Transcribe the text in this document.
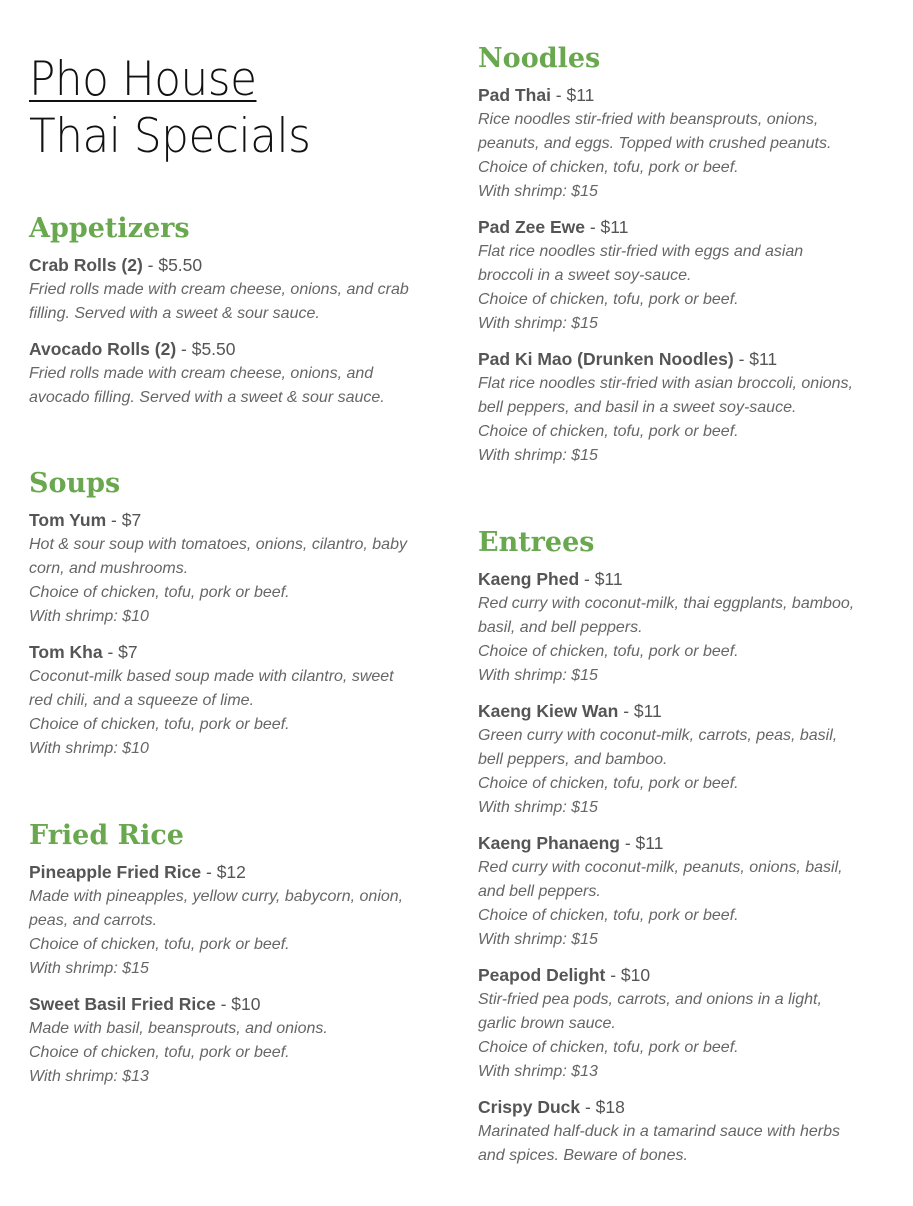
Pho House
Thai Specials
Appetizers
Crab Rolls (2) - $5.50
Fried rolls made with cream cheese, onions, and crab
filling. Served with a sweet & sour sauce.
Avocado Rolls (2) - $5.50
Fried rolls made with cream cheese, onions, and
avocado filling. Served with a sweet & sour sauce.
Soups
Tom Yum - $7
Hot & sour soup with tomatoes, onions, cilantro, baby
corn, and mushrooms.
Choice of chicken, tofu, pork or beef.
With shrimp: $10
Tom Kha - $7
Coconut-milk based soup made with cilantro, sweet
red chili, and a squeeze of lime.
Choice of chicken, tofu, pork or beef.
With shrimp: $10
Fried Rice
Pineapple Fried Rice - $12
Made with pineapples, yellow curry, babycorn, onion,
peas, and carrots.
Choice of chicken, tofu, pork or beef.
With shrimp: $15
Sweet Basil Fried Rice - $10
Made with basil, beansprouts, and onions.
Choice of chicken, tofu, pork or beef.
With shrimp: $13
Noodles
Pad Thai - $11
Rice noodles stir-fried with beansprouts, onions,
peanuts, and eggs. Topped with crushed peanuts.
Choice of chicken, tofu, pork or beef.
With shrimp: $15
Pad Zee Ewe - $11
Flat rice noodles stir-fried with eggs and asian
broccoli in a sweet soy-sauce.
Choice of chicken, tofu, pork or beef.
With shrimp: $15
Pad Ki Mao (Drunken Noodles) - $11
Flat rice noodles stir-fried with asian broccoli, onions,
bell peppers, and basil in a sweet soy-sauce.
Choice of chicken, tofu, pork or beef.
With shrimp: $15
Entrees
Kaeng Phed - $11
Red curry with coconut-milk, thai eggplants, bamboo,
basil, and bell peppers.
Choice of chicken, tofu, pork or beef.
With shrimp: $15
Kaeng Kiew Wan - $11
Green curry with coconut-milk, carrots, peas, basil,
bell peppers, and bamboo.
Choice of chicken, tofu, pork or beef.
With shrimp: $15
Kaeng Phanaeng - $11
Red curry with coconut-milk, peanuts, onions, basil,
and bell peppers.
Choice of chicken, tofu, pork or beef.
With shrimp: $15
Peapod Delight - $10
Stir-fried pea pods, carrots, and onions in a light,
garlic brown sauce.
Choice of chicken, tofu, pork or beef.
With shrimp: $13
Crispy Duck - $18
Marinated half-duck in a tamarind sauce with herbs
and spices. Beware of bones.
